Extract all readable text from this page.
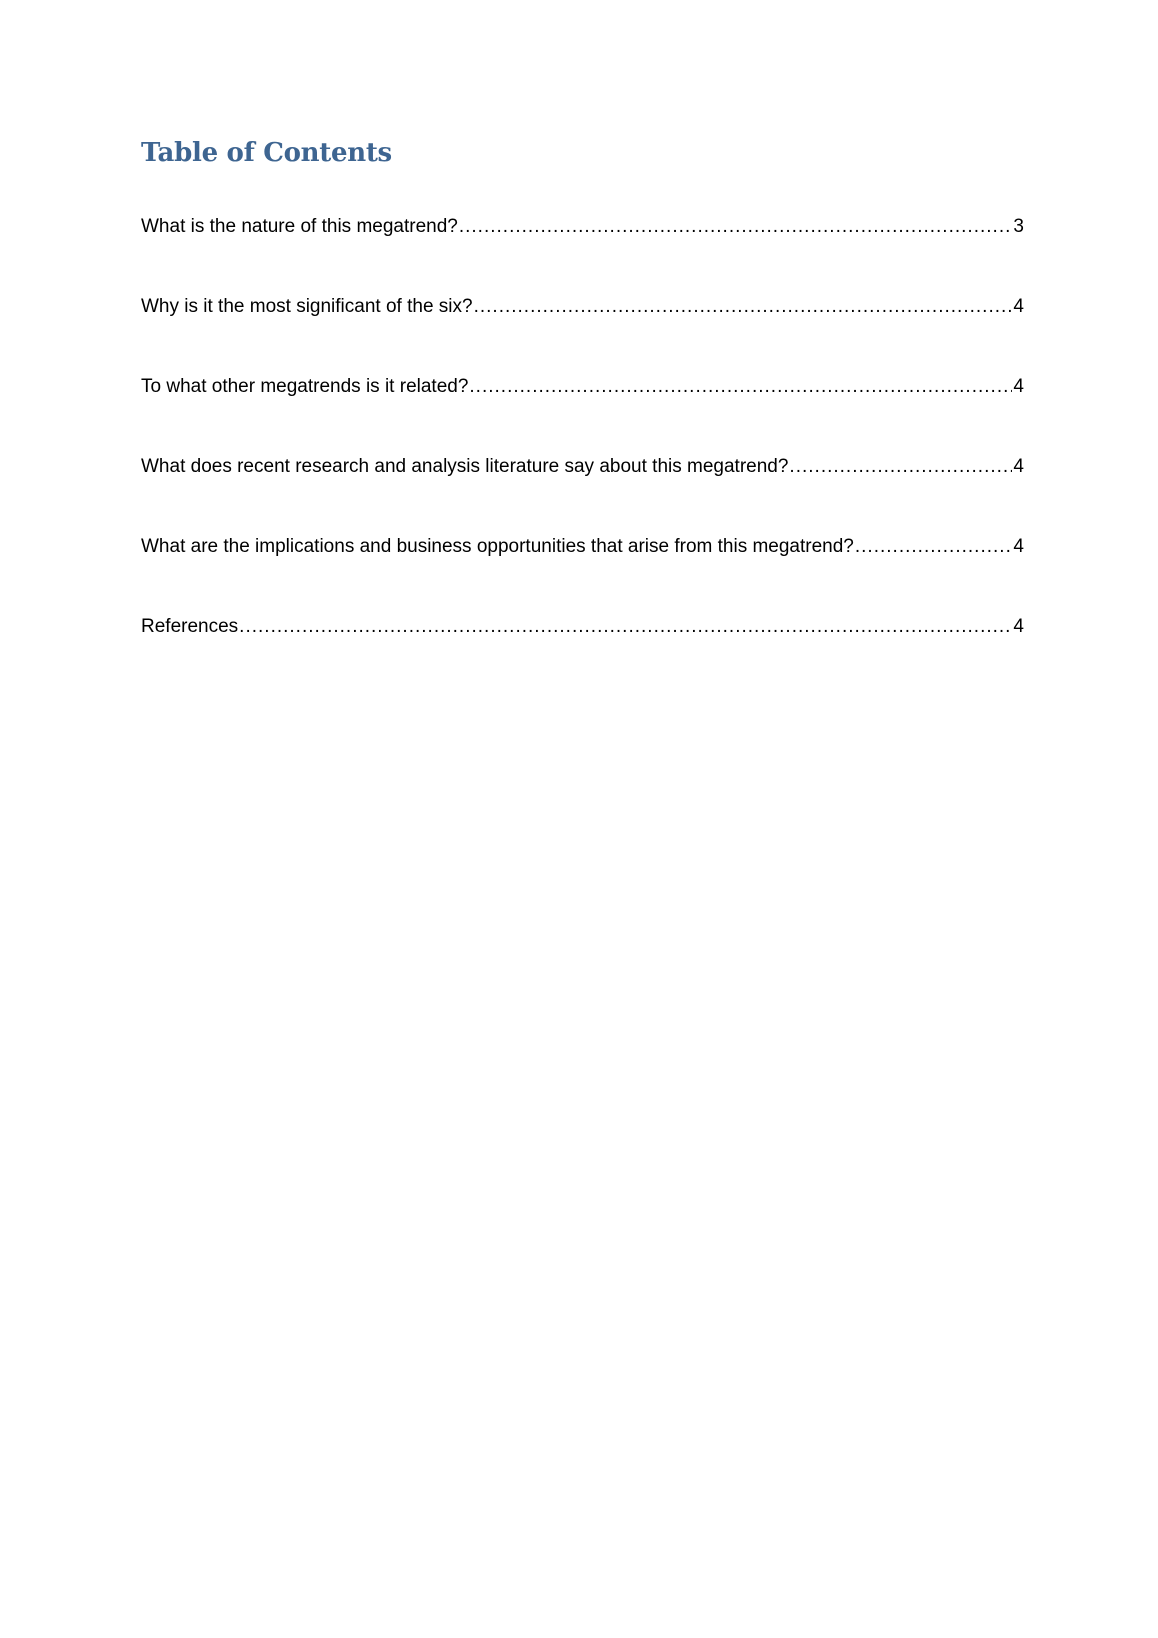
Table of Contents
What is the nature of this megatrend? .....	3
Why is it the most significant of the six? .....	4
To what other megatrends is it related? .....	4
What does recent research and analysis literature say about this megatrend? .....	4
What are the implications and business opportunities that arise from this megatrend? .....	4
References .....	4
